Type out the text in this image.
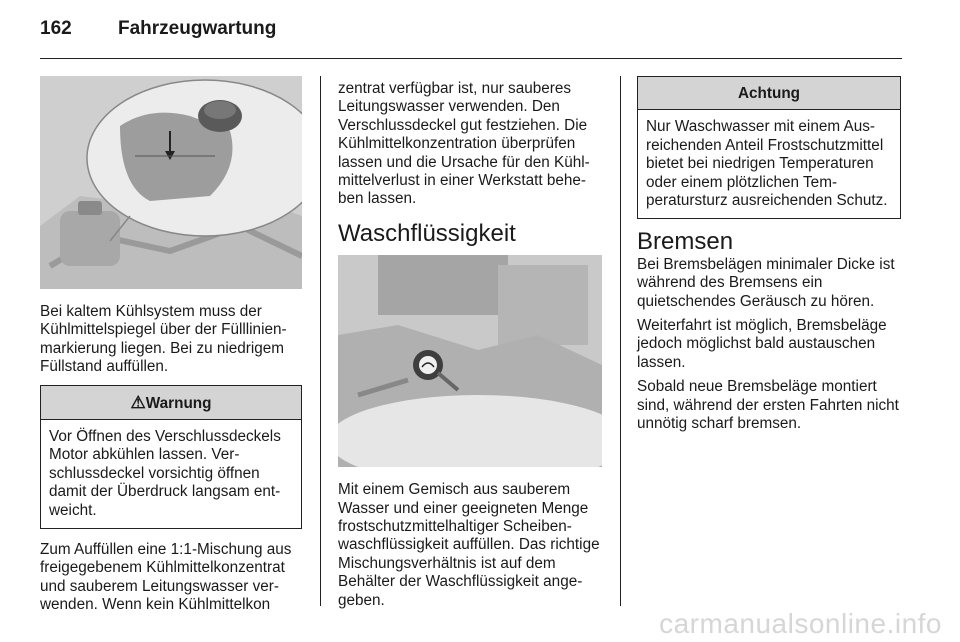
162 Fahrzeugwartung

Bei kaltem Kühlsystem muss der Kühlmittelspiegel über der Fülllinienmarkierung liegen. Bei zu niedrigem Füllstand auffüllen.

⚠Warnung
Vor Öffnen des Verschlussdeckels Motor abkühlen lassen. Verschlussdeckel vorsichtig öffnen damit der Überdruck langsam entweicht.

Zum Auffüllen eine 1:1-Mischung aus freigegebenem Kühlmittelkonzentrat und sauberem Leitungswasser verwenden. Wenn kein Kühlmittelkon

zentrat verfügbar ist, nur sauberes Leitungswasser verwenden. Den Verschlussdeckel gut festziehen. Die Kühlmittelkonzentration überprüfen lassen und die Ursache für den Kühlmittelverlust in einer Werkstatt beheben lassen.

Waschflüssigkeit

Mit einem Gemisch aus sauberem Wasser und einer geeigneten Menge frostschutzmittelhaltiger Scheibenwaschflüssigkeit auffüllen. Das richtige Mischungsverhältnis ist auf dem Behälter der Waschflüssigkeit angegeben.

Achtung
Nur Waschwasser mit einem Ausreichenden Anteil Frostschutzmittel bietet bei niedrigen Temperaturen oder einem plötzlichen Temperatursturz ausreichenden Schutz.
Bremsen

Bei Bremsbelägen minimaler Dicke ist während des Bremsens ein quietschendes Geräusch zu hören.

Weiterfahrt ist möglich, Bremsbeläge jedoch möglichst bald austauschen lassen.

Sobald neue Bremsbeläge montiert sind, während der ersten Fahrten nicht unnötig scharf bremsen.

carmanualsonline.info
